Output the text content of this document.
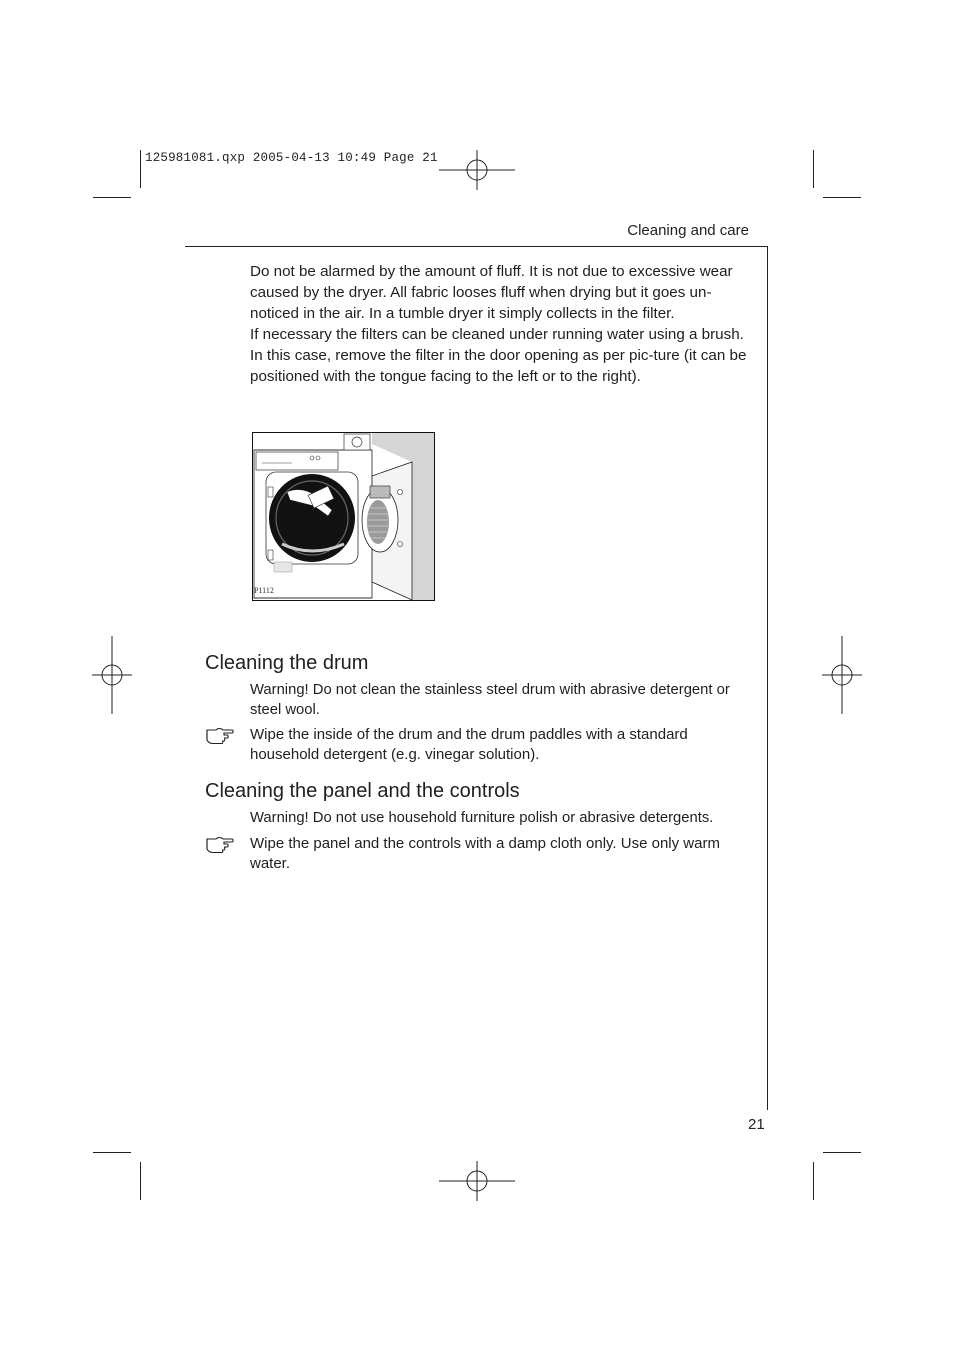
125981081.qxp 2005-04-13 10:49 Page 21
Cleaning and care

Do not be alarmed by the amount of fluff. It is not due to excessive wear caused by the dryer. All fabric looses fluff when drying but it goes un-noticed in the air. In a tumble dryer it simply collects in the filter.

If necessary the filters can be cleaned under running water using a brush. In this case, remove the filter in the door opening as per pic-ture (it can be positioned with the tongue facing to the left or to the right).

P1112
Cleaning the drum
Warning! Do not clean the stainless steel drum with abrasive detergent or steel wool.
Wipe the inside of the drum and the drum paddles with a standard household detergent (e.g. vinegar solution).
Cleaning the panel and the controls
Warning! Do not use household furniture polish or abrasive detergents.
Wipe the panel and the controls with a damp cloth only. Use only warm water.
21
